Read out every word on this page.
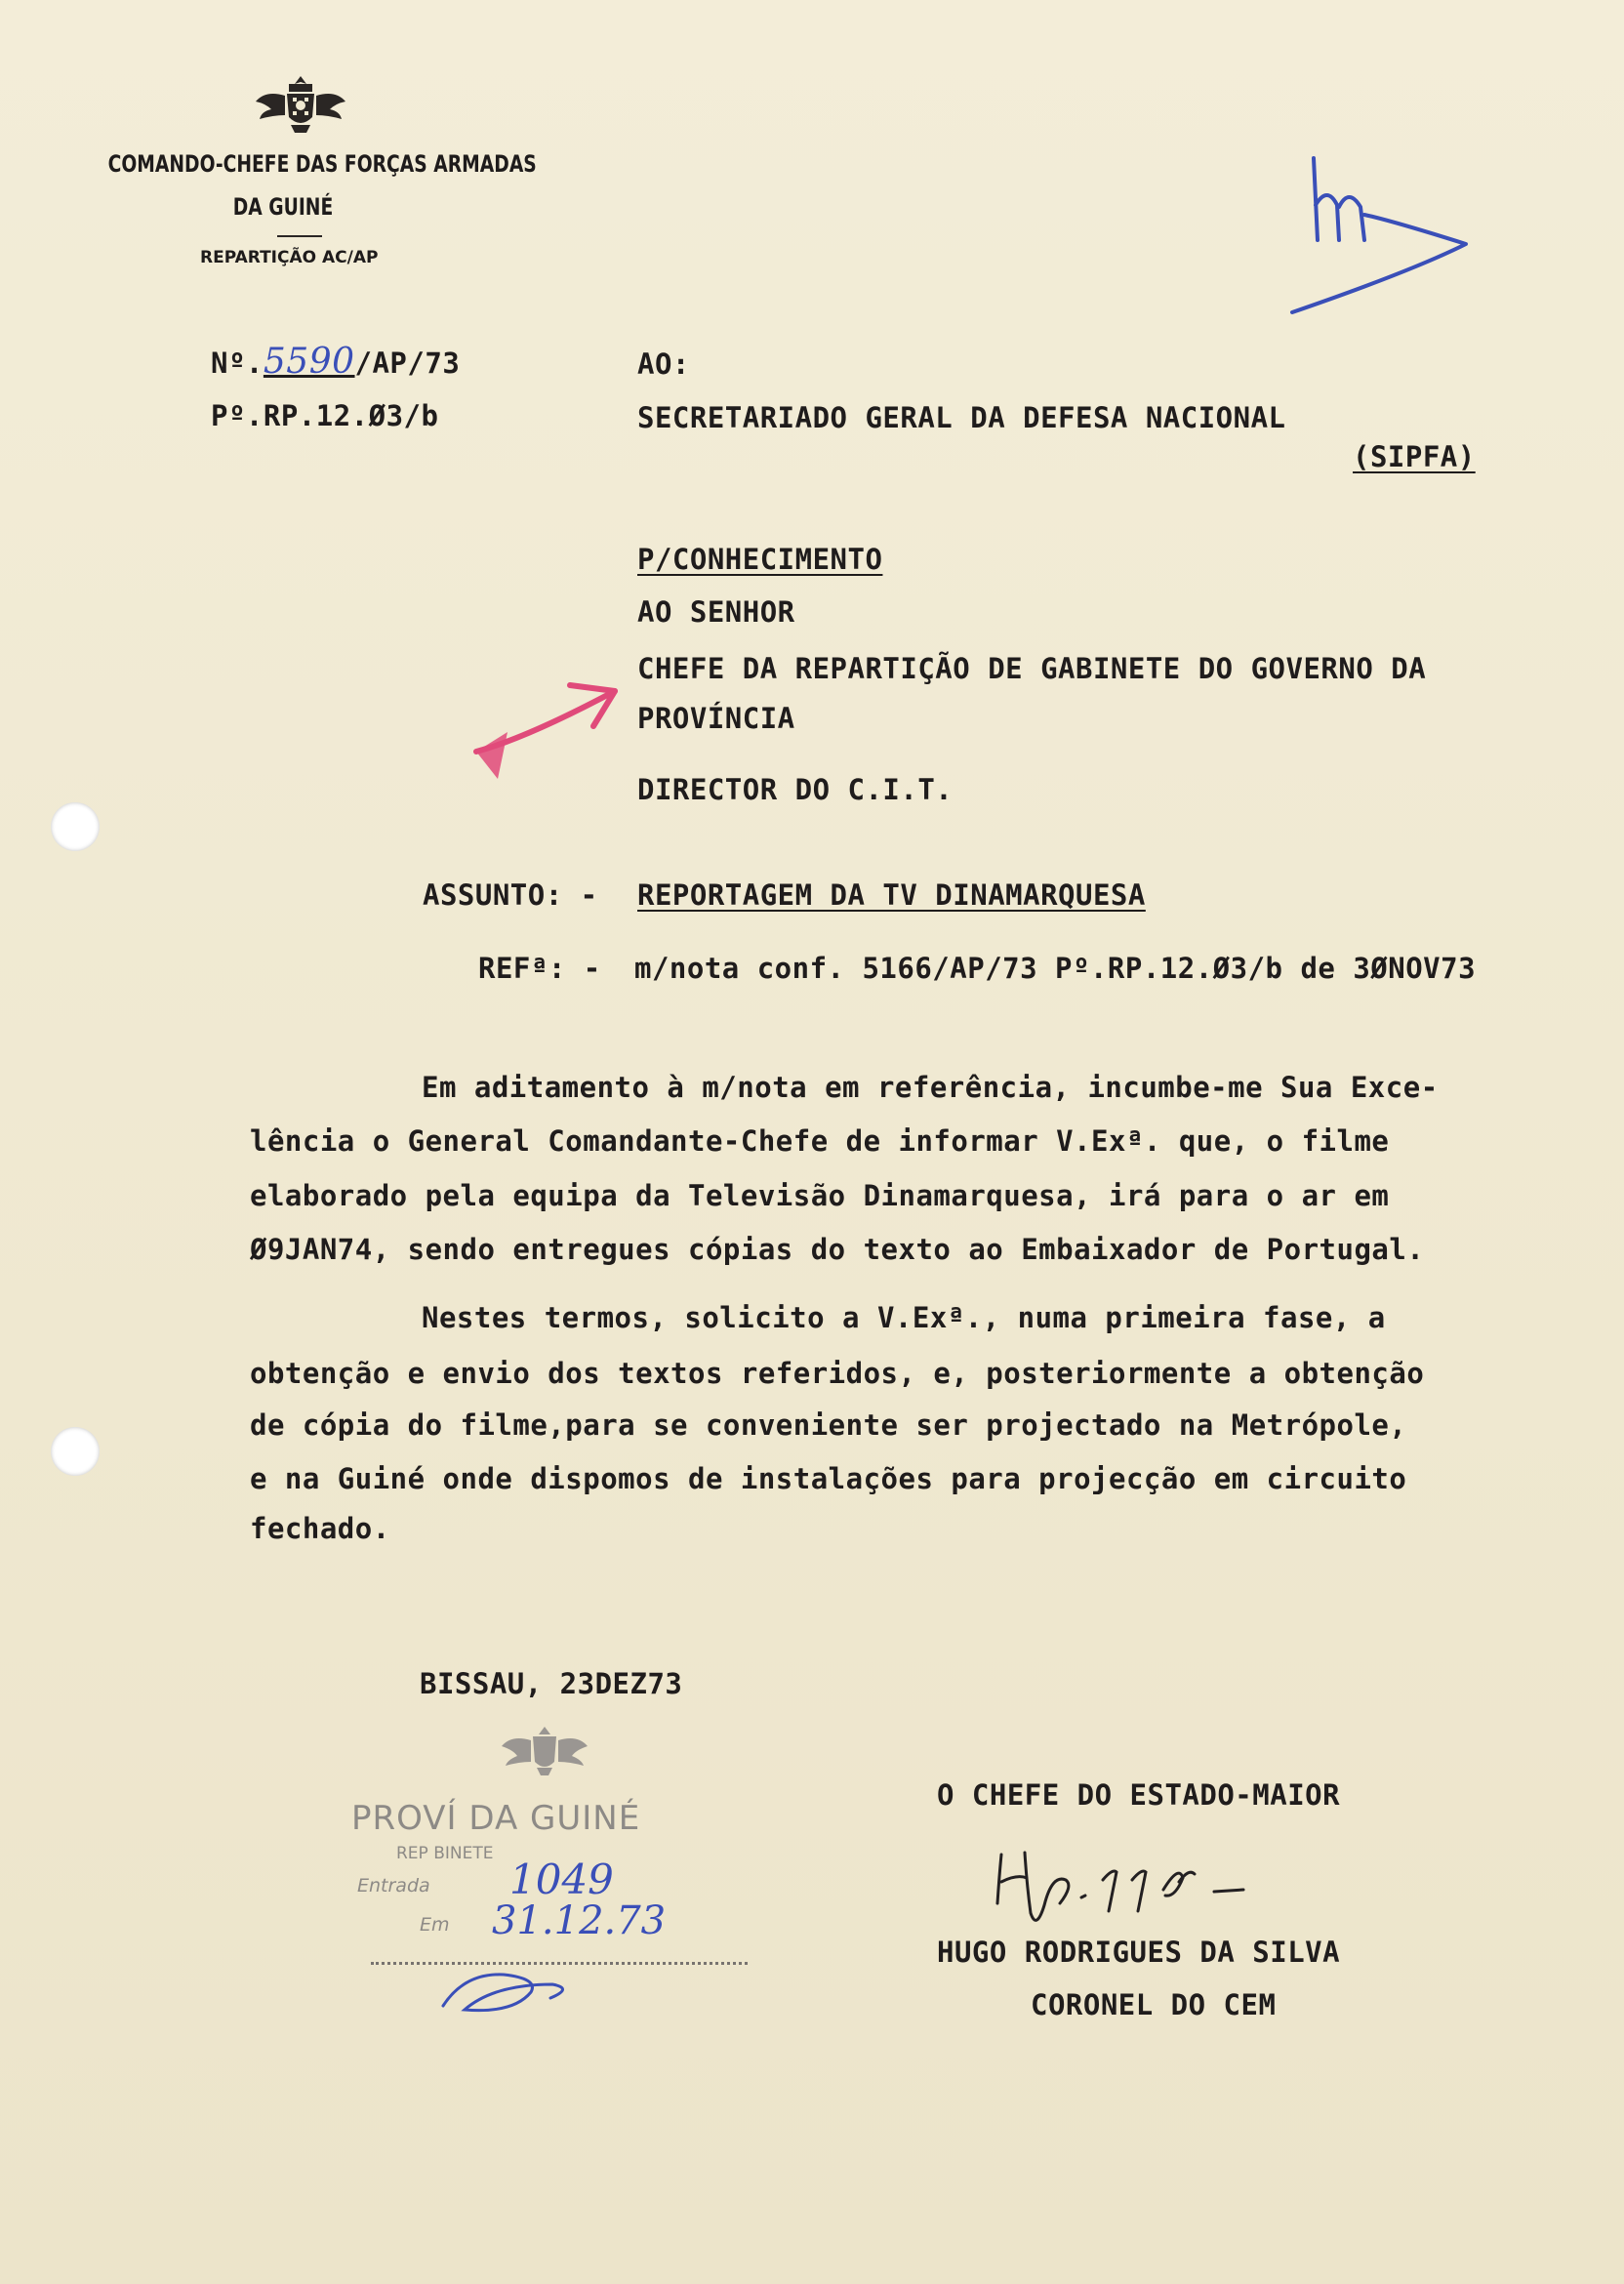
COMANDO-CHEFE DAS FORÇAS ARMADAS
DA GUINÉ
REPARTIÇÃO AC/AP
Nº.5590/AP/73
Pº.RP.12.Ø3/b
AO:
SECRETARIADO GERAL DA DEFESA NACIONAL
(SIPFA)
P/CONHECIMENTO
AO SENHOR
CHEFE DA REPARTIÇÃO DE GABINETE DO GOVERNO DA
PROVÍNCIA
DIRECTOR DO C.I.T.
ASSUNTO: - REPORTAGEM DA TV DINAMARQUESA
REFª: - m/nota conf. 5166/AP/73 Pº.RP.12.Ø3/b de 3ØNOV73
Em aditamento à m/nota em referência, incumbe-me Sua Exce-
lência o General Comandante-Chefe de informar V.Exª. que, o filme
elaborado pela equipa da Televisão Dinamarquesa, irá para o ar em
Ø9JAN74, sendo entregues cópias do texto ao Embaixador de Portugal.
Nestes termos, solicito a V.Exª., numa primeira fase, a
obtenção e envio dos textos referidos, e, posteriormente a obtenção
de cópia do filme,para se conveniente ser projectado na Metrópole,
e na Guiné onde dispomos de instalações para projecção em circuito
fechado.
BISSAU, 23DEZ73
PROVÍ DA GUINÉ
REP BINETE
Entrada 1049
Em 31.12.73
O CHEFE DO ESTADO-MAIOR
HUGO RODRIGUES DA SILVA
CORONEL DO CEM
